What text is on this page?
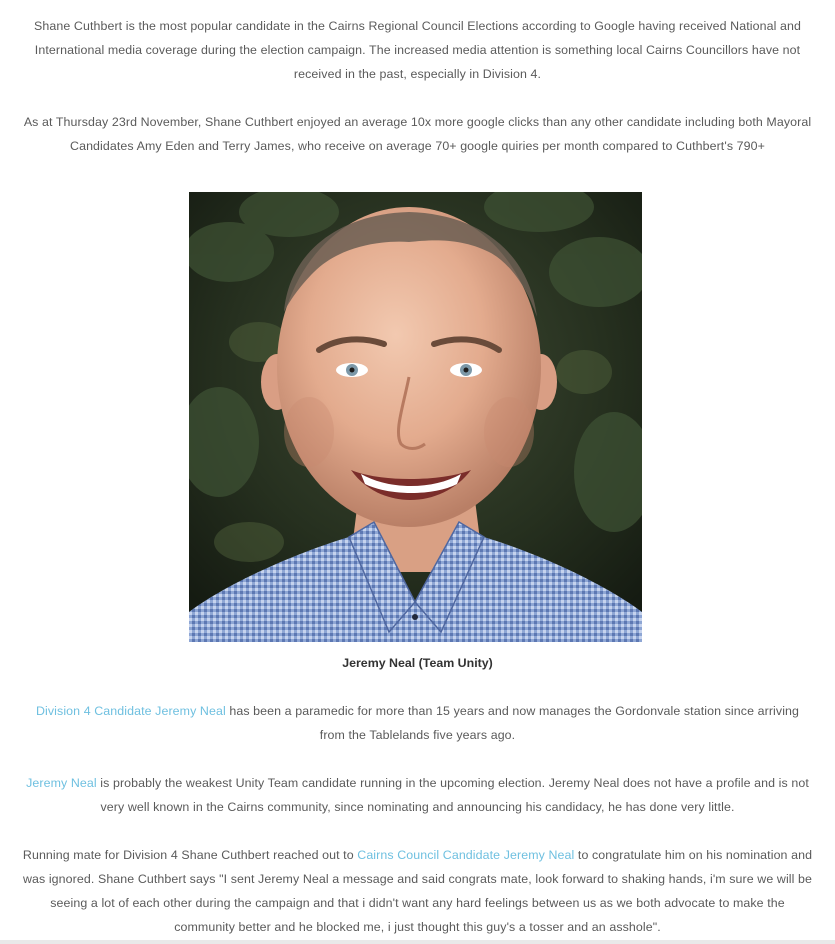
Shane Cuthbert is the most popular candidate in the Cairns Regional Council Elections according to Google having received National and International media coverage during the election campaign. The increased media attention is something local Cairns Councillors have not received in the past, especially in Division 4.

As at Thursday 23rd November, Shane Cuthbert enjoyed an average 10x more google clicks than any other candidate including both Mayoral Candidates Amy Eden and Terry James, who receive on average 70+ google quiries per month compared to Cuthbert's 790+

Jeremy Neal (Team Unity)

Division 4 Candidate Jeremy Neal has been a paramedic for more than 15 years and now manages the Gordonvale station since arriving from the Tablelands five years ago.

Jeremy Neal is probably the weakest Unity Team candidate running in the upcoming election. Jeremy Neal does not have a profile and is not very well known in the Cairns community, since nominating and announcing his candidacy, he has done very little.

Running mate for Division 4 Shane Cuthbert reached out to Cairns Council Candidate Jeremy Neal to congratulate him on his nomination and was ignored. Shane Cuthbert says "I sent Jeremy Neal a message and said congrats mate, look forward to shaking hands, i'm sure we will be seeing a lot of each other during the campaign and that i didn't want any hard feelings between us as we both advocate to make the community better and he blocked me, i just thought this guy's a tosser and an asshole".
